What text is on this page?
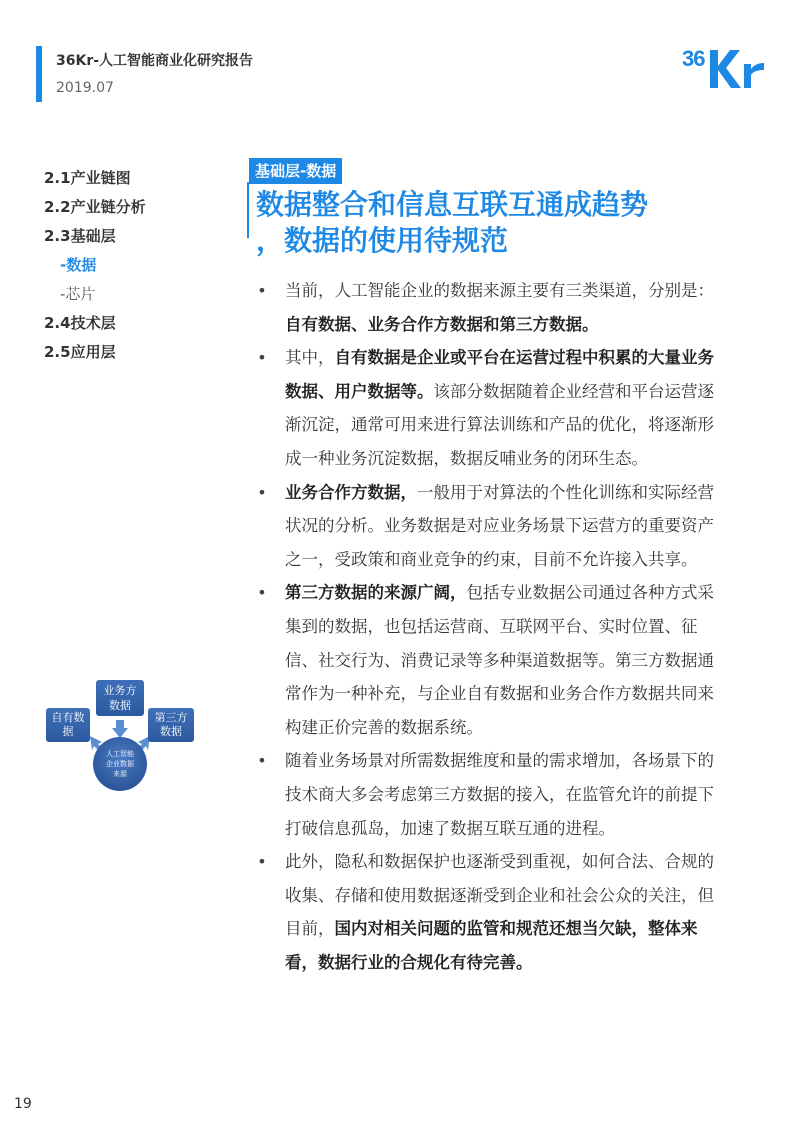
36Kr-人工智能商业化研究报告
2019.07
36
2.1产业链图
2.2产业链分析
2.3基础层
-数据
-芯片
2.4技术层
2.5应用层
自有数
据
业务方
数据
第三方
数据
人工智能
企业数据
来源
基础层-数据
数据整合和信息互联互通成趋势
，数据的使用待规范
• 当前，人工智能企业的数据来源主要有三类渠道，分别是：自有数据、业务合作方数据和第三方数据。
• 其中，自有数据是企业或平台在运营过程中积累的大量业务数据、用户数据等。该部分数据随着企业经营和平台运营逐渐沉淀，通常可用来进行算法训练和产品的优化，将逐渐形成一种业务沉淀数据，数据反哺业务的闭环生态。
• 业务合作方数据，一般用于对算法的个性化训练和实际经营状况的分析。业务数据是对应业务场景下运营方的重要资产之一，受政策和商业竞争的约束，目前不允许接入共享。
• 第三方数据的来源广阔，包括专业数据公司通过各种方式采集到的数据，也包括运营商、互联网平台、实时位置、征信、社交行为、消费记录等多种渠道数据等。第三方数据通常作为一种补充，与企业自有数据和业务合作方数据共同来构建正价完善的数据系统。
• 随着业务场景对所需数据维度和量的需求增加，各场景下的技术商大多会考虑第三方数据的接入，在监管允许的前提下打破信息孤岛，加速了数据互联互通的进程。
• 此外，隐私和数据保护也逐渐受到重视，如何合法、合规的收集、存储和使用数据逐渐受到企业和社会公众的关注，但目前，国内对相关问题的监管和规范还想当欠缺，整体来看，数据行业的合规化有待完善。
19
